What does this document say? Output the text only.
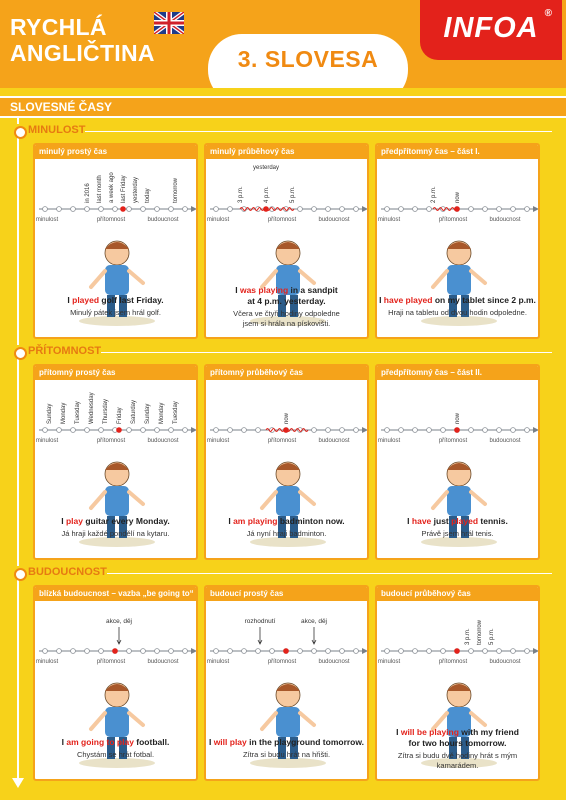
RYCHLÁ
ANGLIČTINA	3. SLOVESA
INFOA ®
SLOVESNÉ ČASY
MINULOST
PŘÍTOMNOST
BUDOUCNOST
minulý prostý čas
in 2016 last month a week ago last Friday yesterday today	tomorrow
minulost	přítomnost	budoucnost
I played golf last Friday.
Minulý pátek jsem hrál golf.
minulý průběhový čas
3 p.m.	4 p.m.	5 p.m.
yesterday
minulost	přítomnost	budoucnost
I was playing in a sandpit
at 4 p.m. yesterday.
Včera ve čtyři hodiny odpoledne
jsem si hrála na pískovišti.
předpřítomný čas – část I.
2 p.m.	now
minulost	přítomnost	budoucnost
I have played on my tablet since 2 p.m.
Hraji na tabletu od dvou hodin odpoledne.
přítomný prostý čas
Sunday Monday Tuesday Wednesday Thursday Friday Saturday Sunday Monday Tuesday
minulost	přítomnost	budoucnost
I play guitar every Monday.
Já hraji každé pondělí na kytaru.
přítomný průběhový čas
now
minulost	přítomnost	budoucnost
I am playing badminton now.
Já nyní hraji badminton.
předpřítomný čas – část II.
now
minulost	přítomnost	budoucnost
I have just played tennis.
Právě jsem hrál tenis.
blízká budoucnost – vazba „be going to“
akce, děj
minulost	přítomnost	budoucnost
I am going to play football.
Chystám se hrát fotbal.
budoucí prostý čas
rozhodnutí	akce, děj
minulost	přítomnost	budoucnost
I will play in the playground tomorrow.
Zítra si budu hrát na hřišti.
budoucí průběhový čas
3 p.m. tomorrow 5 p.m.
minulost	přítomnost	budoucnost
I will be playing with my friend
for two hours tomorrow.
Zítra si budu dvě hodiny hrát s mým kamarádem.
